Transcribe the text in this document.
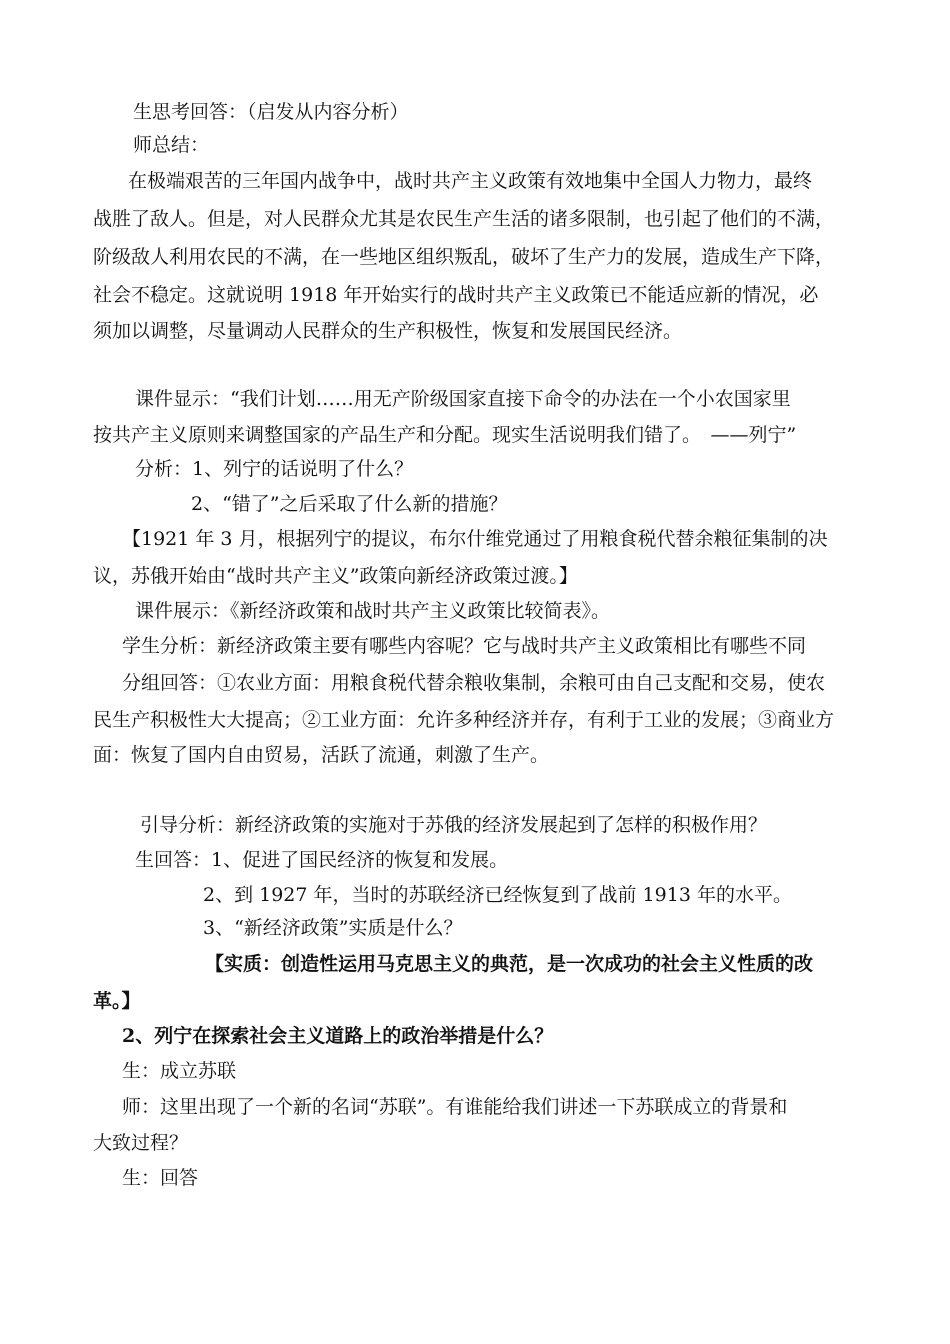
生思考回答：（启发从内容分析）
师总结：
在极端艰苦的三年国内战争中，战时共产主义政策有效地集中全国人力物力，最终
战胜了敌人。但是，对人民群众尤其是农民生产生活的诸多限制，也引起了他们的不满，
阶级敌人利用农民的不满，在一些地区组织叛乱，破坏了生产力的发展，造成生产下降，
社会不稳定。这就说明 1918 年开始实行的战时共产主义政策已不能适应新的情况，必
须加以调整，尽量调动人民群众的生产积极性，恢复和发展国民经济。
课件显示：“我们计划……用无产阶级国家直接下命令的办法在一个小农国家里
按共产主义原则来调整国家的产品生产和分配。现实生活说明我们错了。　——列宁”
分析：1、列宁的话说明了什么？
2、“错了”之后采取了什么新的措施？
【1921 年 3 月，根据列宁的提议，布尔什维党通过了用粮食税代替余粮征集制的决
议，苏俄开始由“战时共产主义”政策向新经济政策过渡。】
课件展示：《新经济政策和战时共产主义政策比较简表》。
学生分析：新经济政策主要有哪些内容呢？它与战时共产主义政策相比有哪些不同
分组回答：①农业方面：用粮食税代替余粮收集制，余粮可由自己支配和交易，使农
民生产积极性大大提高；②工业方面：允许多种经济并存，有利于工业的发展；③商业方
面：恢复了国内自由贸易，活跃了流通，刺激了生产。
引导分析：新经济政策的实施对于苏俄的经济发展起到了怎样的积极作用？
生回答：1、促进了国民经济的恢复和发展。
2、到 1927 年，当时的苏联经济已经恢复到了战前 1913 年的水平。
3、“新经济政策”实质是什么？
【实质：创造性运用马克思主义的典范，是一次成功的社会主义性质的改
革。】
2、列宁在探索社会主义道路上的政治举措是什么？
生：成立苏联
师：这里出现了一个新的名词“苏联”。有谁能给我们讲述一下苏联成立的背景和
大致过程？
生：回答
